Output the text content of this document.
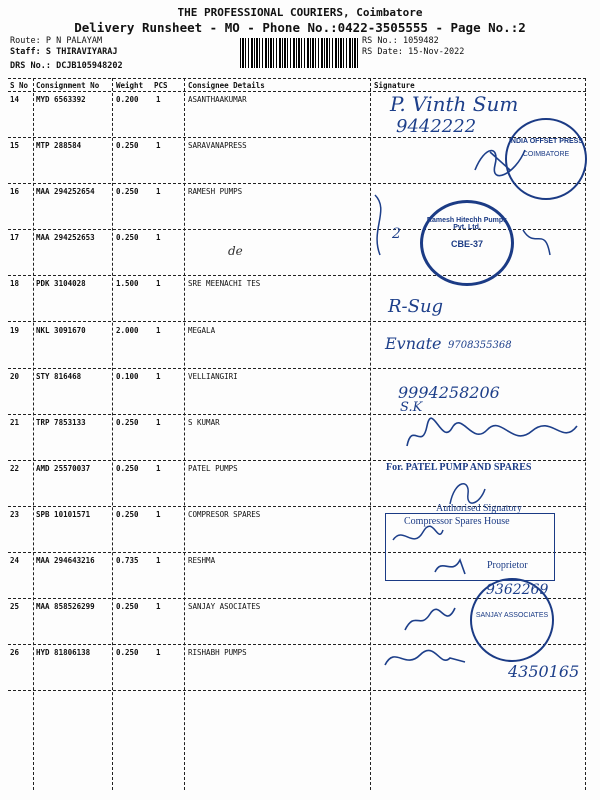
THE PROFESSIONAL COURIERS, Coimbatore
Delivery Runsheet - MO - Phone No.:0422-3505555 - Page No.:2
Route: P N PALAYAM
Staff: S THIRAVIYARAJ
DRS No.: DCJB105948202
RS No.: 1059482
RS Date: 15-Nov-2022
S No Consignment No Weight PCS	Consignee Details	Signature
14 MYD 6563392	0.200 1	ASANTHAAKUMAR
15 MTP 288584	0.250 1	SARAVANAPRESS
16 MAA 294252654	0.250 1	RAMESH PUMPS
17 MAA 294252653	0.250 1
18 PDK 3104028	1.500 1	SRE MEENACHI TES
19 NKL 3091670	2.000 1	MEGALA
20 STY 816468	0.100 1	VELLIANGIRI
21 TRP 7853133	0.250 1	S KUMAR
22 AMD 25570037	0.250 1	PATEL PUMPS
23 SPB 10101571	0.250 1	COMPRESOR SPARES
24 MAA 294643216	0.735 1	RESHMA
25 MAA 858526299	0.250 1	SANJAY ASOCIATES
26 HYD 81806138	0.250 1	RISHABH PUMPS
P. Vinth Sum
9442222
INDIA OFFSET PRESS
COIMBATORE
2
Ramesh Hitechh Pumps Pvt. Ltd.
CBE-37
de
R-Sug
Evnate 9708355368
9994258206
S.K
For. PATEL PUMP AND SPARES
Authorised Signatory
Compressor Spares House
Proprietor
SANJAY ASSOCIATES
9362269
4350165
